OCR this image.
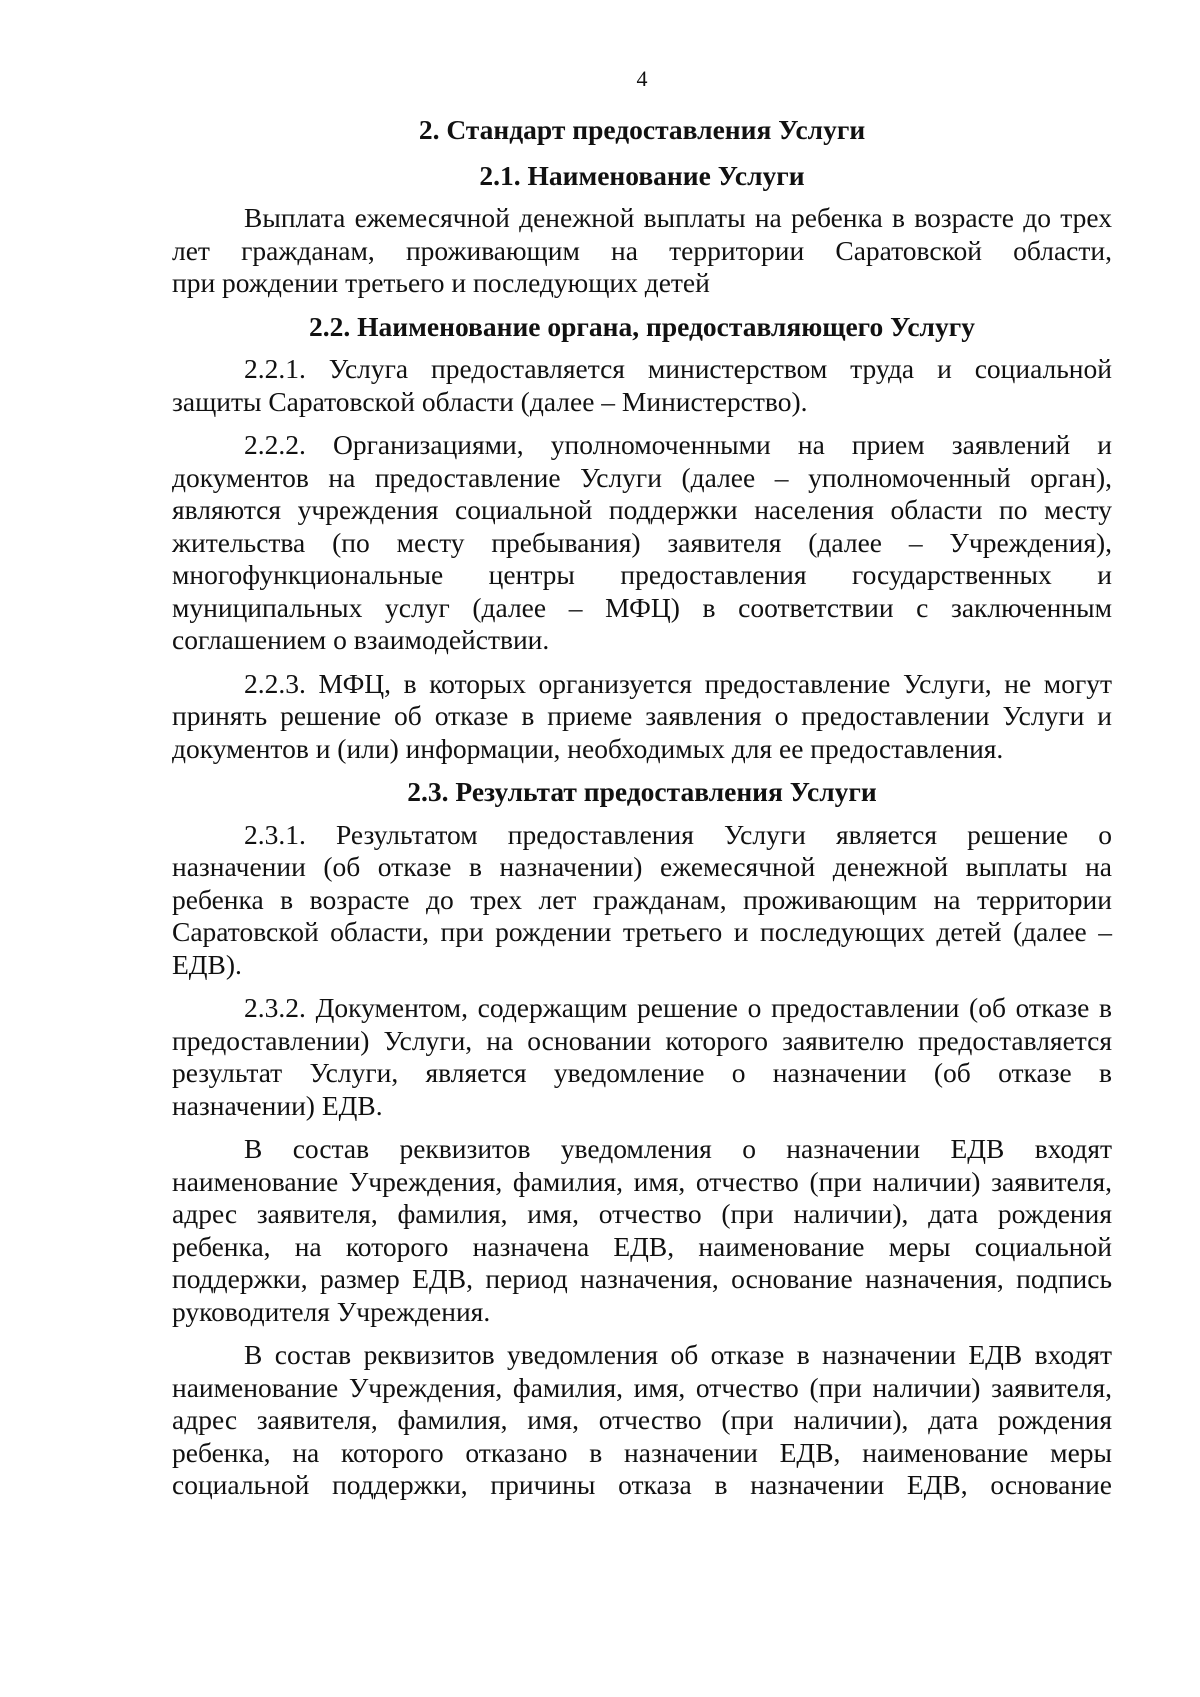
4
2. Стандарт предоставления Услуги
2.1. Наименование Услуги
Выплата ежемесячной денежной выплаты на ребенка в возрасте до трех
лет гражданам, проживающим на территории Саратовской области,
при рождении третьего и последующих детей
2.2. Наименование органа, предоставляющего Услугу
2.2.1. Услуга предоставляется министерством труда и социальной
защиты Саратовской области (далее – Министерство).
2.2.2. Организациями, уполномоченными на прием заявлений и
документов на предоставление Услуги (далее – уполномоченный орган),
являются учреждения социальной поддержки населения области по месту
жительства (по месту пребывания) заявителя (далее – Учреждения),
многофункциональные центры предоставления государственных и
муниципальных услуг (далее – МФЦ) в соответствии с заключенным
соглашением о взаимодействии.
2.2.3. МФЦ, в которых организуется предоставление Услуги, не могут
принять решение об отказе в приеме заявления о предоставлении Услуги и
документов и (или) информации, необходимых для ее предоставления.
2.3. Результат предоставления Услуги
2.3.1. Результатом предоставления Услуги является решение о
назначении (об отказе в назначении) ежемесячной денежной выплаты на
ребенка в возрасте до трех лет гражданам, проживающим на территории
Саратовской области, при рождении третьего и последующих детей (далее –
ЕДВ).
2.3.2. Документом, содержащим решение о предоставлении (об отказе в
предоставлении) Услуги, на основании которого заявителю предоставляется
результат Услуги, является уведомление о назначении (об отказе в
назначении) ЕДВ.
В состав реквизитов уведомления о назначении ЕДВ входят
наименование Учреждения, фамилия, имя, отчество (при наличии) заявителя,
адрес заявителя, фамилия, имя, отчество (при наличии), дата рождения
ребенка, на которого назначена ЕДВ, наименование меры социальной
поддержки, размер ЕДВ, период назначения, основание назначения, подпись
руководителя Учреждения.
В состав реквизитов уведомления об отказе в назначении ЕДВ входят
наименование Учреждения, фамилия, имя, отчество (при наличии) заявителя,
адрес заявителя, фамилия, имя, отчество (при наличии), дата рождения
ребенка, на которого отказано в назначении ЕДВ, наименование меры
социальной поддержки, причины отказа в назначении ЕДВ, основание
